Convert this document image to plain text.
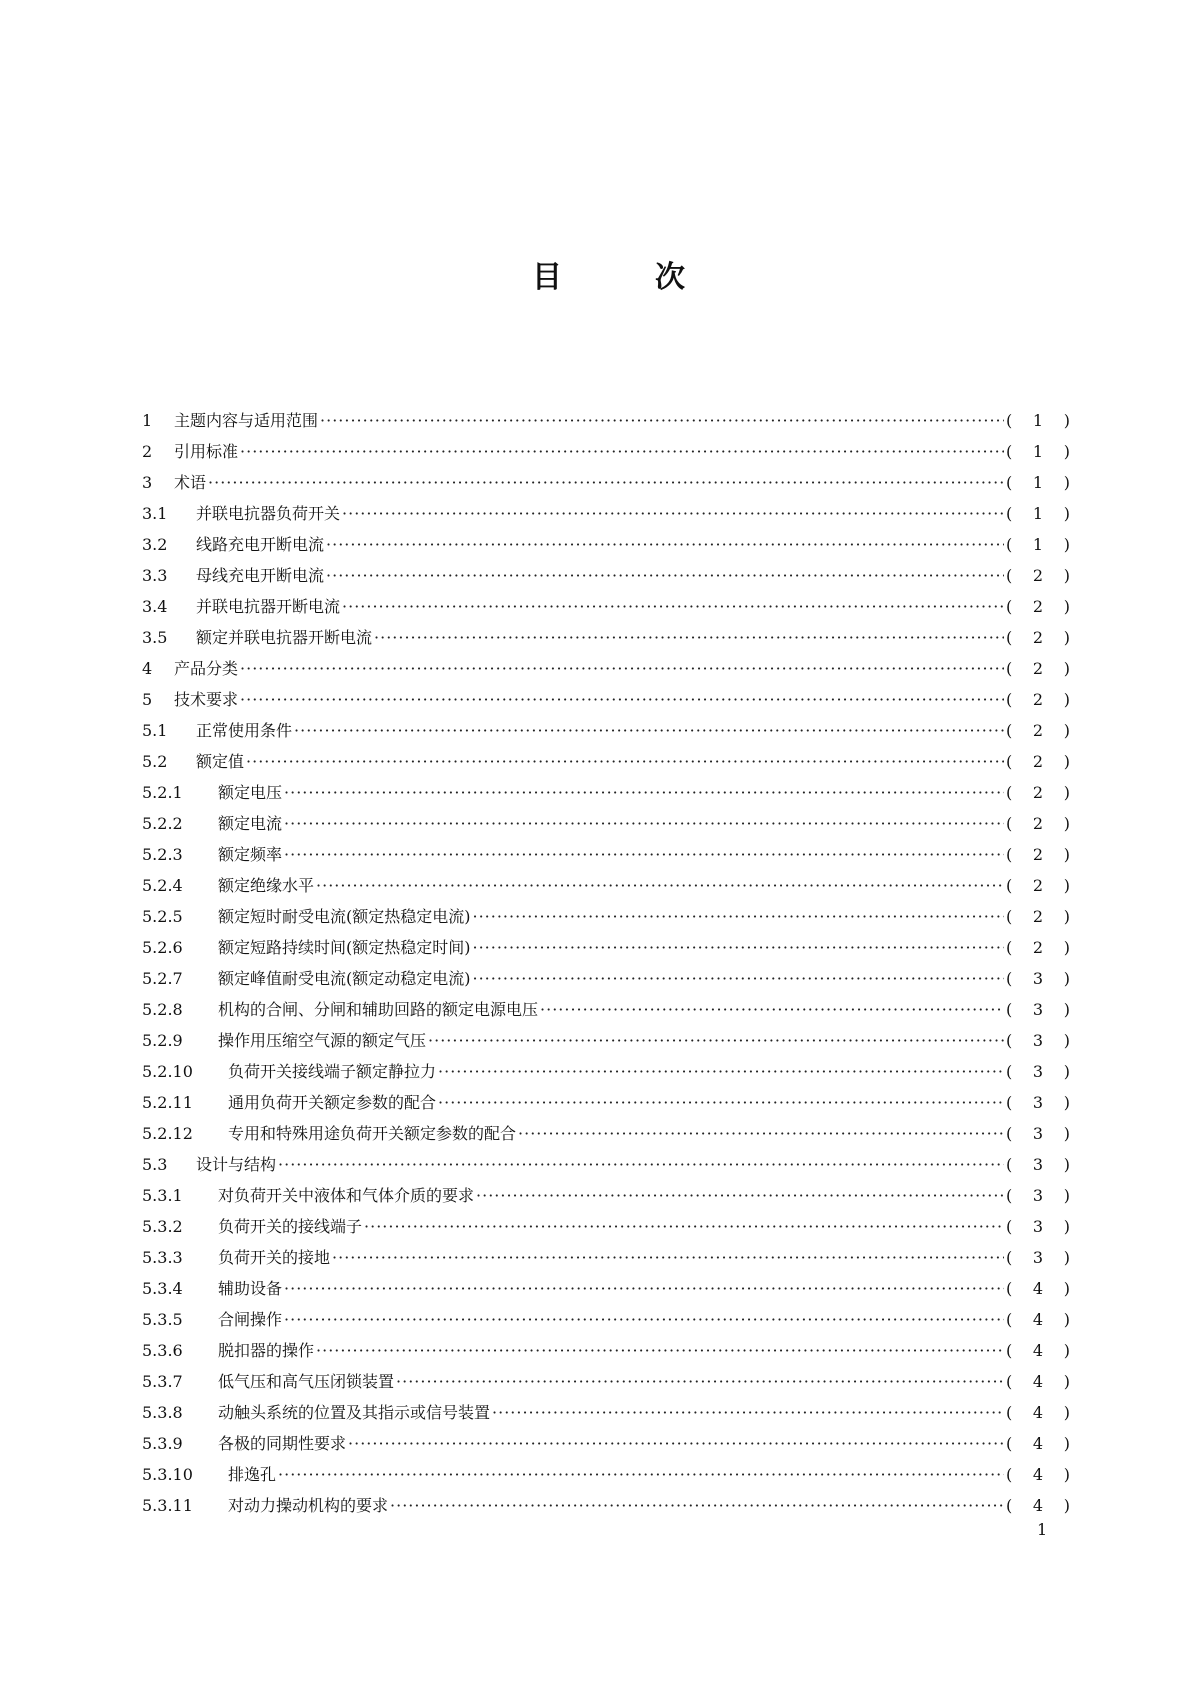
目	次
1	主题内容与适用范围 ·····	(	1	)
2	引用标准 ·····	(	1	)
3	术语 ·····	(	1	)
3.1	并联电抗器负荷开关 ·····	(	1	)
3.2	线路充电开断电流 ·····	(	1	)
3.3	母线充电开断电流 ·····	(	2	)
3.4	并联电抗器开断电流 ·····	(	2	)
3.5	额定并联电抗器开断电流 ·····	(	2	)
4	产品分类 ·····	(	2	)
5	技术要求 ·····	(	2	)
5.1	正常使用条件 ·····	(	2	)
5.2	额定值 ·····	(	2	)
5.2.1	额定电压 ·····	(	2	)
5.2.2	额定电流 ·····	(	2	)
5.2.3	额定频率 ·····	(	2	)
5.2.4	额定绝缘水平 ·····	(	2	)
5.2.5	额定短时耐受电流(额定热稳定电流) ·····	(	2	)
5.2.6	额定短路持续时间(额定热稳定时间) ·····	(	2	)
5.2.7	额定峰值耐受电流(额定动稳定电流) ·····	(	3	)
5.2.8	机构的合闸、分闸和辅助回路的额定电源电压 ·····	(	3	)
5.2.9	操作用压缩空气源的额定气压 ·····	(	3	)
5.2.10	负荷开关接线端子额定静拉力 ·····	(	3	)
5.2.11	通用负荷开关额定参数的配合 ·····	(	3	)
5.2.12	专用和特殊用途负荷开关额定参数的配合 ·····	(	3	)
5.3	设计与结构 ·····	(	3	)
5.3.1	对负荷开关中液体和气体介质的要求 ·····	(	3	)
5.3.2	负荷开关的接线端子 ·····	(	3	)
5.3.3	负荷开关的接地 ·····	(	3	)
5.3.4	辅助设备 ·····	(	4	)
5.3.5	合闸操作 ·····	(	4	)
5.3.6	脱扣器的操作 ·····	(	4	)
5.3.7	低气压和高气压闭锁装置 ·····	(	4	)
5.3.8	动触头系统的位置及其指示或信号装置 ·····	(	4	)
5.3.9	各极的同期性要求 ·····	(	4	)
5.3.10	排逸孔 ·····	(	4	)
5.3.11	对动力操动机构的要求 ·····	(	4	)
1
